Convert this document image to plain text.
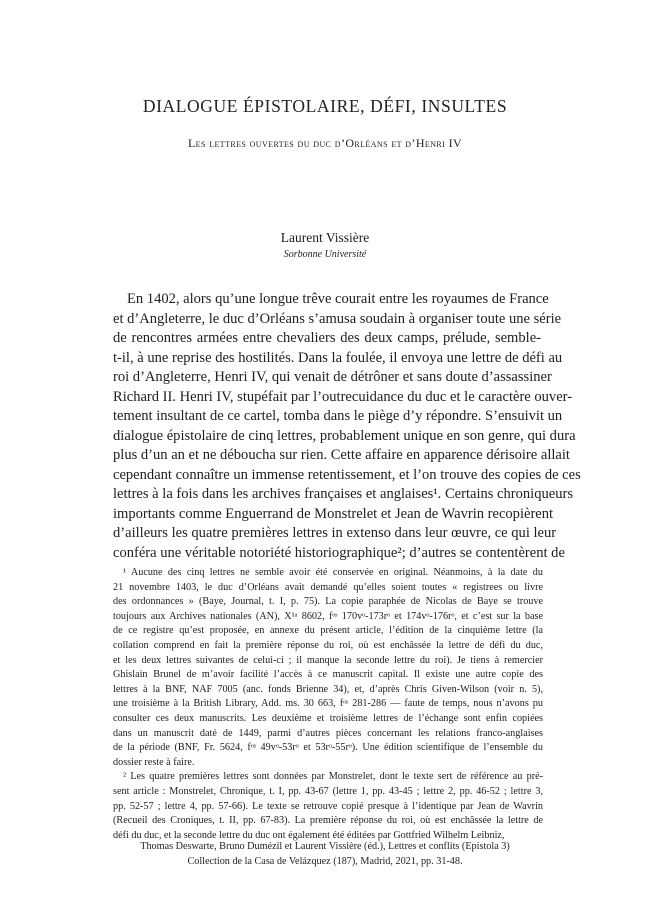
DIALOGUE ÉPISTOLAIRE, DÉFI, INSULTES
Les lettres ouvertes du duc d’Orléans et d’Henri IV
Laurent Vissière
Sorbonne Université
En 1402, alors qu’une longue trêve courait entre les royaumes de France
et d’Angleterre, le duc d’Orléans s’amusa soudain à organiser toute une série
de rencontres armées entre chevaliers des deux camps, prélude, semble-
t-il, à une reprise des hostilités. Dans la foulée, il envoya une lettre de défi au
roi d’Angleterre, Henri IV, qui venait de détrôner et sans doute d’assassiner
Richard II. Henri IV, stupéfait par l’outrecuidance du duc et le caractère ouver-
tement insultant de ce cartel, tomba dans le piège d’y répondre. S’ensuivit un
dialogue épistolaire de cinq lettres, probablement unique en son genre, qui dura
plus d’un an et ne déboucha sur rien. Cette affaire en apparence dérisoire allait
cependant connaître un immense retentissement, et l’on trouve des copies de ces
lettres à la fois dans les archives françaises et anglaises¹. Certains chroniqueurs
importants comme Enguerrand de Monstrelet et Jean de Wavrin recopièrent
d’ailleurs les quatre premières lettres in extenso dans leur œuvre, ce qui leur
conféra une véritable notoriété historiographique²; d’autres se contentèrent de
¹ Aucune des cinq lettres ne semble avoir été conservée en original. Néanmoins, à la date du
21 novembre 1403, le duc d’Orléans avait demandé qu’elles soient toutes « registrees ou livre
des ordonnances » (Baye, Journal, t. I, p. 75). La copie paraphée de Nicolas de Baye se trouve
toujours aux Archives nationales (AN), X¹ᵃ 8602, fᵒˢ 170vᵒ-173rᵒ et 174vᵒ-176rᵒ, et c’est sur la base
de ce registre qu’est proposée, en annexe du présent article, l’édition de la cinquième lettre (la
collation comprend en fait la première réponse du roi, où est enchâssée la lettre de défi du duc,
et les deux lettres suivantes de celui-ci ; il manque la seconde lettre du roi). Je tiens à remercier
Ghislain Brunel de m’avoir facilité l’accès à ce manuscrit capital. Il existe une autre copie des
lettres à la BNF, NAF 7005 (anc. fonds Brienne 34), et, d’après Chris Given-Wilson (voir n. 5),
une troisième à la British Library, Add. ms. 30 663, fᵒˢ 281-286 — faute de temps, nous n’avons pu
consulter ces deux manuscrits. Les deuxième et troisième lettres de l’échange sont enfin copiées
dans un manuscrit daté de 1449, parmi d’autres pièces concernant les relations franco-anglaises
de la période (BNF, Fr. 5624, fᵒˢ 49vᵒ-53rᵒ et 53rᵒ-55rᵒ). Une édition scientifique de l’ensemble du
dossier reste à faire.
² Les quatre premières lettres sont données par Monstrelet, dont le texte sert de référence au pré-
sent article : Monstrelet, Chronique, t. I, pp. 43-67 (lettre 1, pp. 43-45 ; lettre 2, pp. 46-52 ; lettre 3,
pp. 52-57 ; lettre 4, pp. 57-66). Le texte se retrouve copié presque à l’identique par Jean de Wavrin
(Recueil des Croniques, t. II, pp. 67-83). La première réponse du roi, où est enchâssée la lettre de
défi du duc, et la seconde lettre du duc ont également été éditées par Gottfried Wilhelm Leibniz,
Thomas Deswarte, Bruno Dumézil et Laurent Vissière (éd.), Lettres et conflits (Epistola 3)
Collection de la Casa de Velázquez (187), Madrid, 2021, pp. 31-48.
